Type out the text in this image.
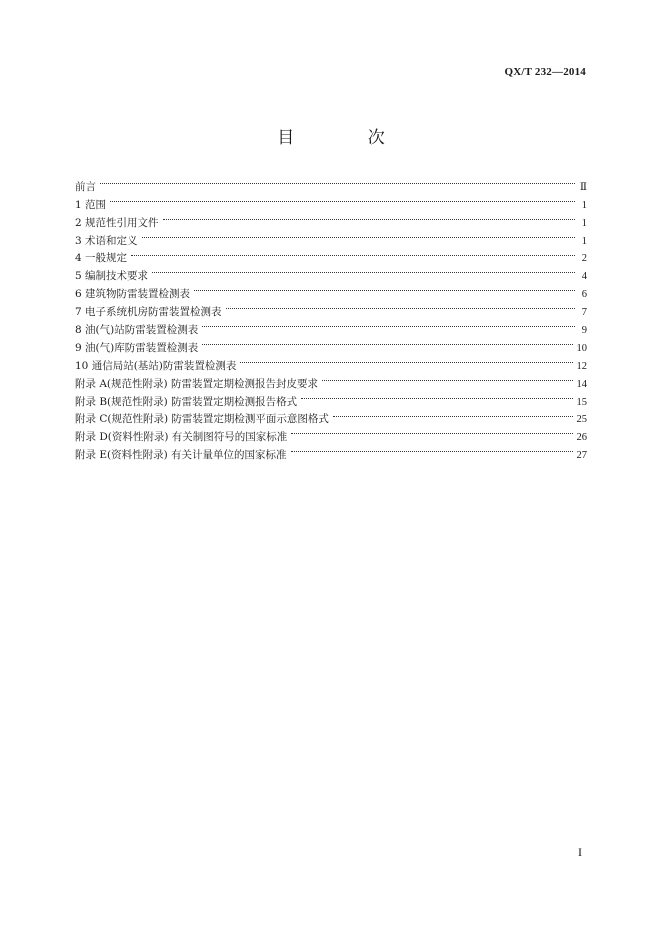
QX/T 232—2014
目 次
前言	Ⅱ
1 范围	1
2 规范性引用文件	1
3 术语和定义	1
4 一般规定	2
5 编制技术要求	4
6 建筑物防雷装置检测表	6
7 电子系统机房防雷装置检测表	7
8 油(气)站防雷装置检测表	9
9 油(气)库防雷装置检测表	10
10 通信局站(基站)防雷装置检测表	12
附录 A(规范性附录) 防雷装置定期检测报告封皮要求	14
附录 B(规范性附录) 防雷装置定期检测报告格式	15
附录 C(规范性附录) 防雷装置定期检测平面示意图格式	25
附录 D(资料性附录) 有关制图符号的国家标准	26
附录 E(资料性附录) 有关计量单位的国家标准	27
I
